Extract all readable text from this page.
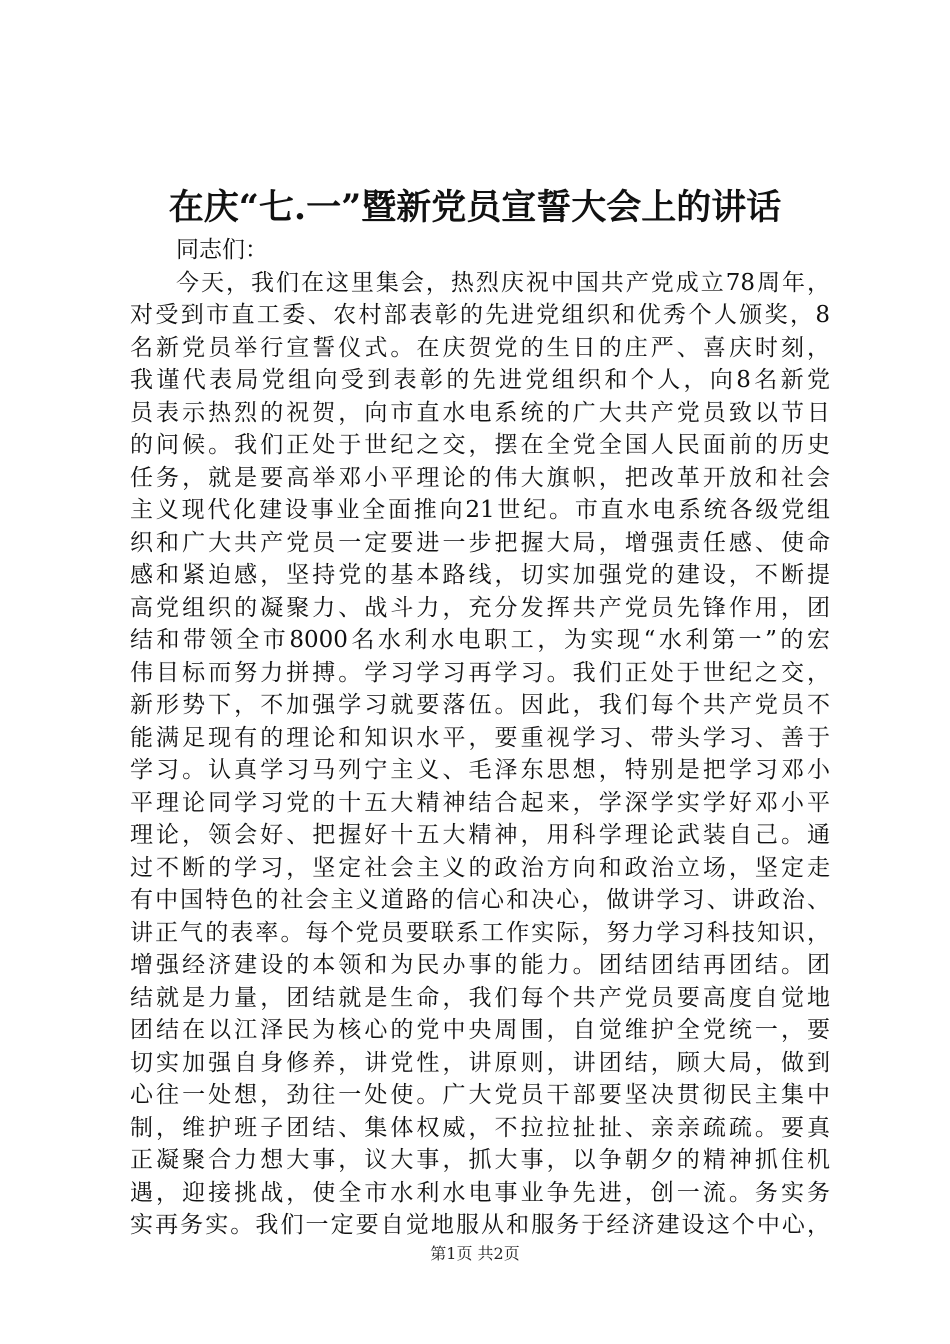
在庆“七.一”暨新党员宣誓大会上的讲话
同志们：
今天，我们在这里集会，热烈庆祝中国共产党成立78周年，
对受到市直工委、农村部表彰的先进党组织和优秀个人颁奖，8
名新党员举行宣誓仪式。在庆贺党的生日的庄严、喜庆时刻，
我谨代表局党组向受到表彰的先进党组织和个人，向8名新党
员表示热烈的祝贺，向市直水电系统的广大共产党员致以节日
的问候。我们正处于世纪之交，摆在全党全国人民面前的历史
任务，就是要高举邓小平理论的伟大旗帜，把改革开放和社会
主义现代化建设事业全面推向21世纪。市直水电系统各级党组
织和广大共产党员一定要进一步把握大局，增强责任感、使命
感和紧迫感，坚持党的基本路线，切实加强党的建设，不断提
高党组织的凝聚力、战斗力，充分发挥共产党员先锋作用，团
结和带领全市8000名水利水电职工，为实现“水利第一”的宏
伟目标而努力拼搏。学习学习再学习。我们正处于世纪之交，
新形势下，不加强学习就要落伍。因此，我们每个共产党员不
能满足现有的理论和知识水平，要重视学习、带头学习、善于
学习。认真学习马列宁主义、毛泽东思想，特别是把学习邓小
平理论同学习党的十五大精神结合起来，学深学实学好邓小平
理论，领会好、把握好十五大精神，用科学理论武装自己。通
过不断的学习，坚定社会主义的政治方向和政治立场，坚定走
有中国特色的社会主义道路的信心和决心，做讲学习、讲政治、
讲正气的表率。每个党员要联系工作实际，努力学习科技知识，
增强经济建设的本领和为民办事的能力。团结团结再团结。团
结就是力量，团结就是生命，我们每个共产党员要高度自觉地
团结在以江泽民为核心的党中央周围，自觉维护全党统一，要
切实加强自身修养，讲党性，讲原则，讲团结，顾大局，做到
心往一处想，劲往一处使。广大党员干部要坚决贯彻民主集中
制，维护班子团结、集体权威，不拉拉扯扯、亲亲疏疏。要真
正凝聚合力想大事，议大事，抓大事，以争朝夕的精神抓住机
遇，迎接挑战，使全市水利水电事业争先进，创一流。务实务
实再务实。我们一定要自觉地服从和服务于经济建设这个中心，
第1页 共2页
